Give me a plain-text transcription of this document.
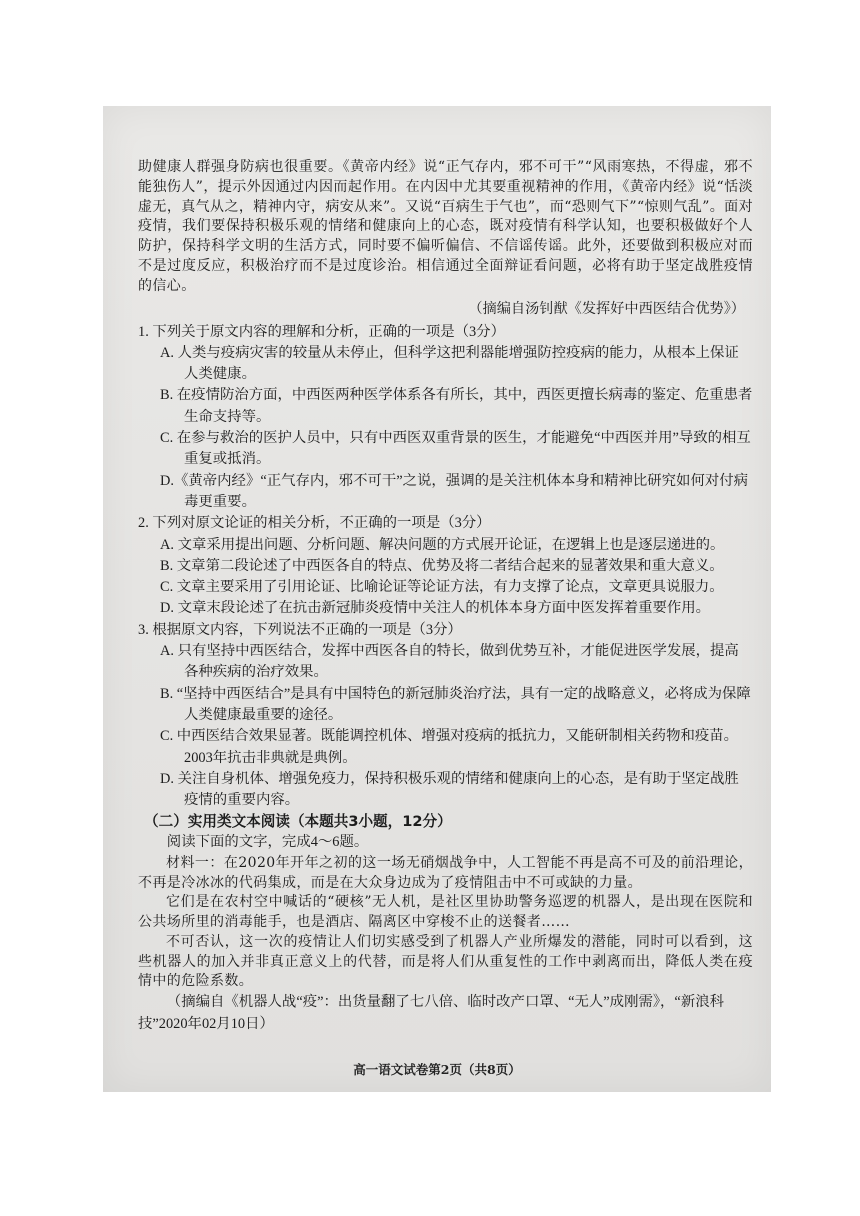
助健康人群强身防病也很重要。《黄帝内经》说“正气存内，邪不可干”“风雨寒热，不得虚，邪不能独伤人”，提示外因通过内因而起作用。在内因中尤其要重视精神的作用，《黄帝内经》说“恬淡虚无，真气从之，精神内守，病安从来”。又说“百病生于气也”，而“恐则气下”“惊则气乱”。面对疫情，我们要保持积极乐观的情绪和健康向上的心态，既对疫情有科学认知，也要积极做好个人防护，保持科学文明的生活方式，同时要不偏听偏信、不信谣传谣。此外，还要做到积极应对而不是过度反应，积极治疗而不是过度诊治。相信通过全面辩证看问题，必将有助于坚定战胜疫情的信心。

（摘编自汤钊猷《发挥好中西医结合优势》）

1. 下列关于原文内容的理解和分析，正确的一项是（3分）

A. 人类与疫病灾害的较量从未停止，但科学这把利器能增强防控疫病的能力，从根本上保证人类健康。

B. 在疫情防治方面，中西医两种医学体系各有所长，其中，西医更擅长病毒的鉴定、危重患者生命支持等。

C. 在参与救治的医护人员中，只有中西医双重背景的医生，才能避免“中西医并用”导致的相互重复或抵消。

D.《黄帝内经》“正气存内，邪不可干”之说，强调的是关注机体本身和精神比研究如何对付病毒更重要。

2. 下列对原文论证的相关分析，不正确的一项是（3分）

A. 文章采用提出问题、分析问题、解决问题的方式展开论证，在逻辑上也是逐层递进的。

B. 文章第二段论述了中西医各自的特点、优势及将二者结合起来的显著效果和重大意义。

C. 文章主要采用了引用论证、比喻论证等论证方法，有力支撑了论点，文章更具说服力。

D. 文章末段论述了在抗击新冠肺炎疫情中关注人的机体本身方面中医发挥着重要作用。

3. 根据原文内容，下列说法不正确的一项是（3分）

A. 只有坚持中西医结合，发挥中西医各自的特长，做到优势互补，才能促进医学发展，提高各种疾病的治疗效果。

B. “坚持中西医结合”是具有中国特色的新冠肺炎治疗法，具有一定的战略意义，必将成为保障人类健康最重要的途径。

C. 中西医结合效果显著。既能调控机体、增强对疫病的抵抗力，又能研制相关药物和疫苗。2003年抗击非典就是典例。

D. 关注自身机体、增强免疫力，保持积极乐观的情绪和健康向上的心态，是有助于坚定战胜疫情的重要内容。

（二）实用类文本阅读（本题共3小题，12分）

阅读下面的文字，完成4～6题。

材料一：在2020年开年之初的这一场无硝烟战争中，人工智能不再是高不可及的前沿理论，不再是冷冰冰的代码集成，而是在大众身边成为了疫情阻击中不可或缺的力量。

它们是在农村空中喊话的“硬核”无人机，是社区里协助警务巡逻的机器人，是出现在医院和公共场所里的消毒能手，也是酒店、隔离区中穿梭不止的送餐者……

不可否认，这一次的疫情让人们切实感受到了机器人产业所爆发的潜能，同时可以看到，这些机器人的加入并非真正意义上的代替，而是将人们从重复性的工作中剥离而出，降低人类在疫情中的危险系数。

（摘编自《机器人战“疫”：出货量翻了七八倍、临时改产口罩、“无人”成刚需》，“新浪科技”2020年02月10日）

高一语文试卷第2页（共8页）
